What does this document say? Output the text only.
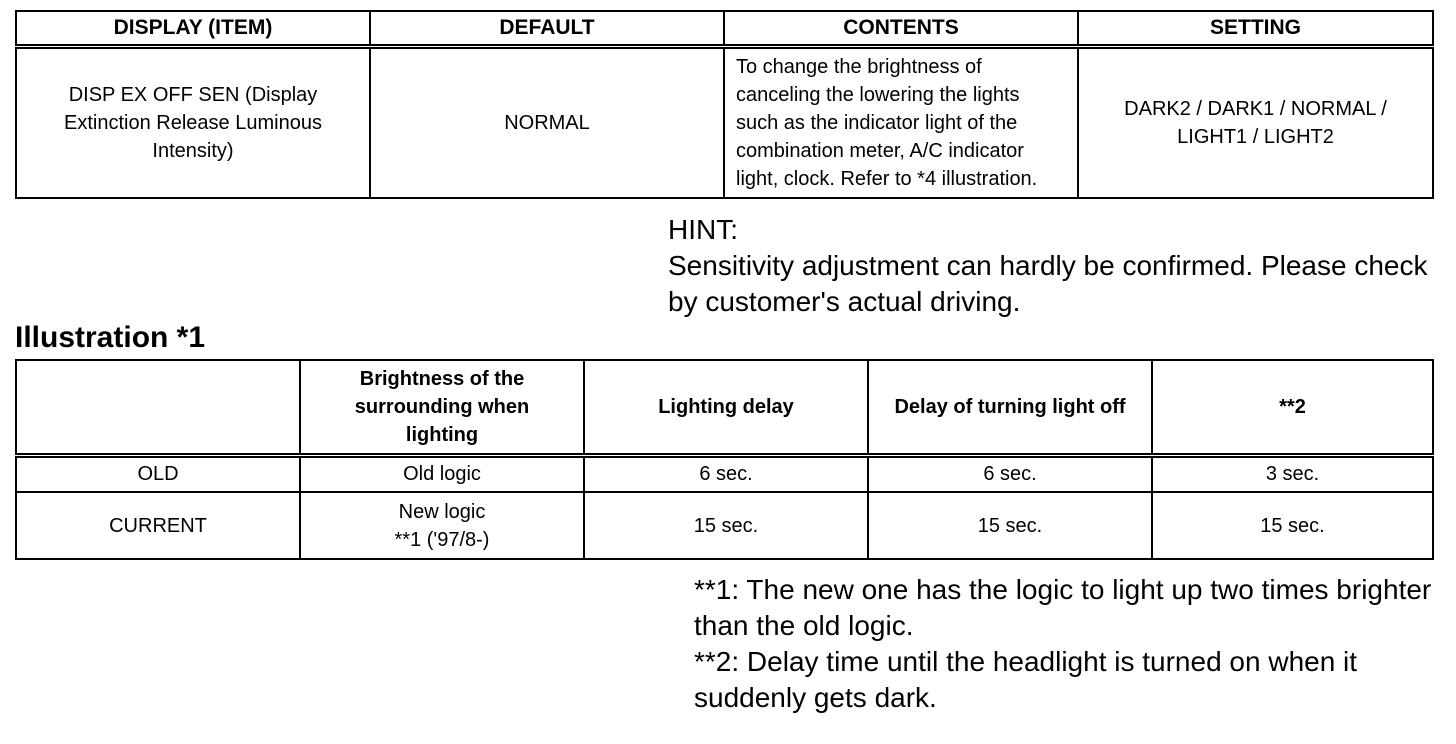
DISPLAY (ITEM)	DEFAULT	CONTENTS	SETTING
DISP EX OFF SEN (Display Extinction Release Luminous Intensity)	NORMAL	To change the brightness of canceling the lowering the lights such as the indicator light of the combination meter, A/C indicator light, clock. Refer to *4 illustration.	DARK2 / DARK1 / NORMAL / LIGHT1 / LIGHT2
HINT:
Sensitivity adjustment can hardly be confirmed. Please check by customer's actual driving.
Illustration *1
	Brightness of the surrounding when lighting	Lighting delay	Delay of turning light off	**2
OLD	Old logic	6 sec.	6 sec.	3 sec.
CURRENT	New logic **1 ('97/8-)	15 sec.	15 sec.	15 sec.

**1: The new one has the logic to light up two times brighter than the old logic.

**2: Delay time until the headlight is turned on when it suddenly gets dark.
